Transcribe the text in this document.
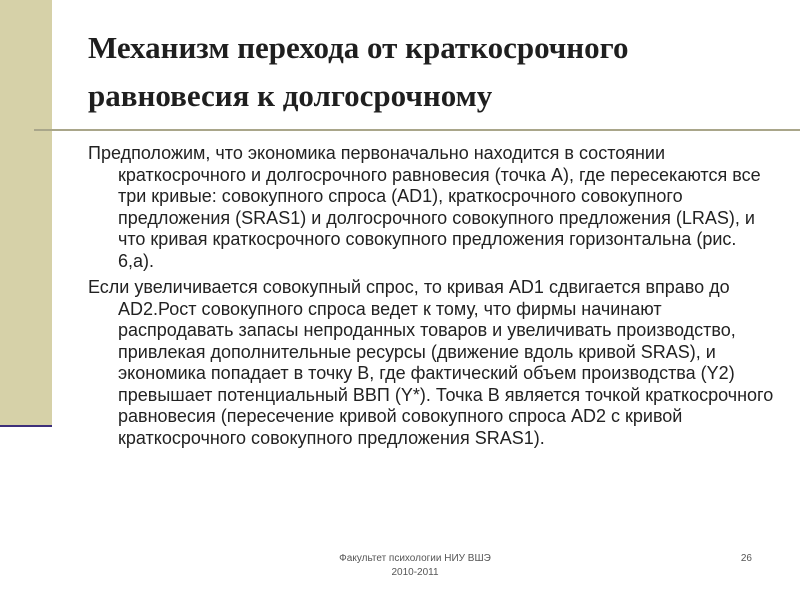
Механизм перехода от краткосрочного равновесия к долгосрочному

Предположим, что экономика первоначально находится в состоянии краткосрочного и долгосрочного равновесия (точка А), где пересекаются все три кривые: совокупного спроса (AD1), краткосрочного совокупного предложения (SRAS1) и долгосрочного совокупного предложения (LRAS), и что кривая краткосрочного совокупного предложения горизонтальна (рис. 6,а).

Если увеличивается совокупный спрос, то кривая AD1 сдвигается вправо до AD2.Рост совокупного спроса ведет к тому, что фирмы начинают распродавать запасы непроданных товаров и увеличивать производство, привлекая дополнительные ресурсы (движение вдоль кривой SRAS), и экономика попадает в точку В, где фактический объем производства (Y2) превышает потенциальный ВВП (Y*). Точка В является точкой краткосрочного равновесия (пересечение кривой совокупного спроса AD2 с кривой краткосрочного совокупного предложения SRAS1).

Факультет психологии НИУ ВШЭ
2010-2011
26
